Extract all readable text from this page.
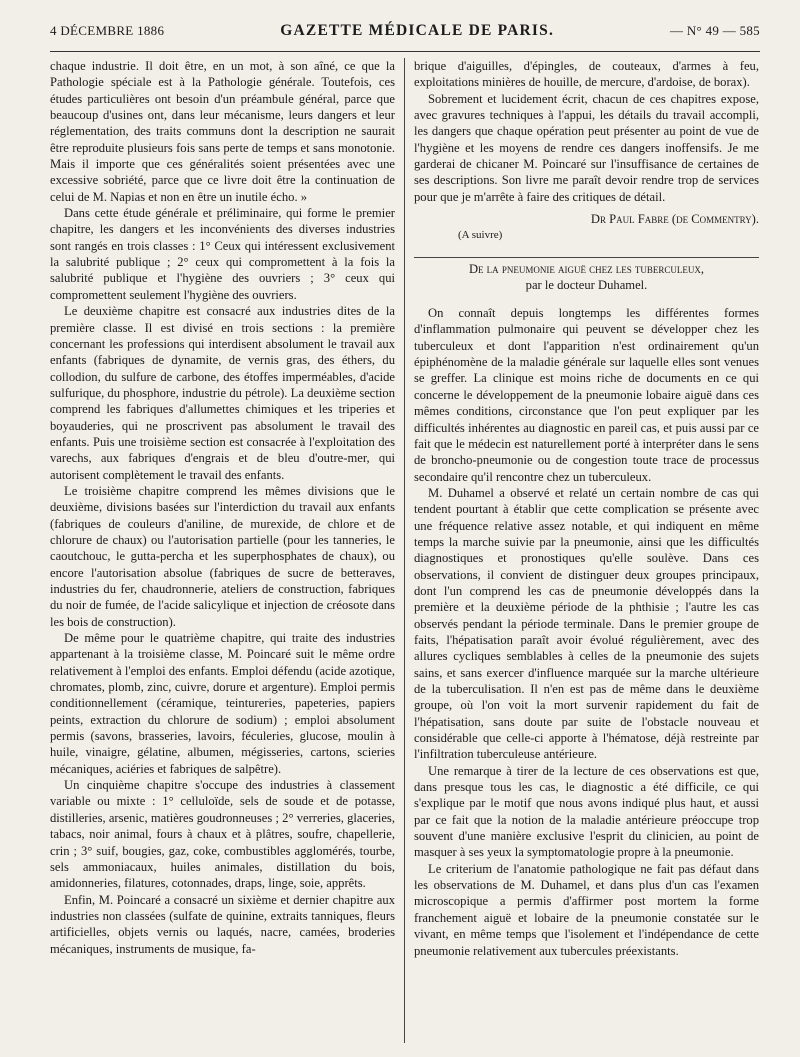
4 DÉCEMBRE 1886	GAZETTE MÉDICALE DE PARIS.	— N° 49 — 585

chaque industrie. Il doit être, en un mot, à son aîné, ce que la Pathologie spéciale est à la Pathologie générale. Toutefois, ces études particulières ont besoin d'un préambule général, parce que beaucoup d'usines ont, dans leur mécanisme, leurs dangers et leur réglementation, des traits communs dont la description ne saurait être reproduite plusieurs fois sans perte de temps et sans monotonie. Mais il importe que ces généralités soient présentées avec une excessive sobriété, parce que ce livre doit être la continuation de celui de M. Napias et non en être un inutile écho. »

Dans cette étude générale et préliminaire, qui forme le premier chapitre, les dangers et les inconvénients des diverses industries sont rangés en trois classes : 1° Ceux qui intéressent exclusivement la salubrité publique ; 2° ceux qui compromettent à la fois la salubrité publique et l'hygiène des ouvriers ; 3° ceux qui compromettent seulement l'hygiène des ouvriers.

Le deuxième chapitre est consacré aux industries dites de la première classe. Il est divisé en trois sections : la première concernant les professions qui interdisent absolument le travail aux enfants (fabriques de dynamite, de vernis gras, des éthers, du collodion, du sulfure de carbone, des étoffes imperméables, d'acide sulfurique, du phosphore, industrie du pétrole). La deuxième section comprend les fabriques d'allumettes chimiques et les triperies et boyauderies, qui ne proscrivent pas absolument le travail des enfants. Puis une troisième section est consacrée à l'exploitation des varechs, aux fabriques d'engrais et de bleu d'outre-mer, qui autorisent complètement le travail des enfants.

Le troisième chapitre comprend les mêmes divisions que le deuxième, divisions basées sur l'interdiction du travail aux enfants (fabriques de couleurs d'aniline, de murexide, de chlore et de chlorure de chaux) ou l'autorisation partielle (pour les tanneries, le caoutchouc, le gutta-percha et les superphosphates de chaux), ou encore l'autorisation absolue (fabriques de sucre de betteraves, industries du fer, chaudronnerie, ateliers de construction, fabriques du noir de fumée, de l'acide salicylique et injection de créosote dans les bois de construction).

De même pour le quatrième chapitre, qui traite des industries appartenant à la troisième classe, M. Poincaré suit le même ordre relativement à l'emploi des enfants. Emploi défendu (acide azotique, chromates, plomb, zinc, cuivre, dorure et argenture). Emploi permis conditionnellement (céramique, teintureries, papeteries, papiers peints, extraction du chlorure de sodium) ; emploi absolument permis (savons, brasseries, lavoirs, féculeries, glucose, moulin à huile, vinaigre, gélatine, albumen, mégisseries, cartons, scieries mécaniques, aciéries et fabriques de salpêtre).

Un cinquième chapitre s'occupe des industries à classement variable ou mixte : 1° celluloïde, sels de soude et de potasse, distilleries, arsenic, matières goudronneuses ; 2° verreries, glaceries, tabacs, noir animal, fours à chaux et à plâtres, soufre, chapellerie, crin ; 3° suif, bougies, gaz, coke, combustibles agglomérés, tourbe, sels ammoniacaux, huiles animales, distillation du bois, amidonneries, filatures, cotonnades, draps, linge, soie, apprêts.

Enfin, M. Poincaré a consacré un sixième et dernier chapitre aux industries non classées (sulfate de quinine, extraits tanniques, fleurs artificielles, objets vernis ou laqués, nacre, camées, broderies mécaniques, instruments de musique, fa-

brique d'aiguilles, d'épingles, de couteaux, d'armes à feu, exploitations minières de houille, de mercure, d'ardoise, de borax).

Sobrement et lucidement écrit, chacun de ces chapitres expose, avec gravures techniques à l'appui, les détails du travail accompli, les dangers que chaque opération peut présenter au point de vue de l'hygiène et les moyens de rendre ces dangers inoffensifs. Je me garderai de chicaner M. Poincaré sur l'insuffisance de certaines de ses descriptions. Son livre me paraît devoir rendre trop de services pour que je m'arrête à faire des critiques de détail.

(A suivre)
Dr Paul Fabre (de Commentry).
De la pneumonie aiguë chez les tuberculeux,
par le docteur Duhamel.

On connaît depuis longtemps les différentes formes d'inflammation pulmonaire qui peuvent se développer chez les tuberculeux et dont l'apparition n'est ordinairement qu'un épiphénomène de la maladie générale sur laquelle elles sont venues se greffer. La clinique est moins riche de documents en ce qui concerne le développement de la pneumonie lobaire aiguë dans ces mêmes conditions, circonstance que l'on peut expliquer par les difficultés inhérentes au diagnostic en pareil cas, et puis aussi par ce fait que le médecin est naturellement porté à interpréter dans le sens de broncho-pneumonie ou de congestion toute trace de processus secondaire qu'il rencontre chez un tuberculeux.

M. Duhamel a observé et relaté un certain nombre de cas qui tendent pourtant à établir que cette complication se présente avec une fréquence relative assez notable, et qui indiquent en même temps la marche suivie par la pneumonie, ainsi que les difficultés diagnostiques et pronostiques qu'elle soulève. Dans ces observations, il convient de distinguer deux groupes principaux, dont l'un comprend les cas de pneumonie développés dans la première et la deuxième période de la phthisie ; l'autre les cas observés pendant la période terminale. Dans le premier groupe de faits, l'hépatisation paraît avoir évolué régulièrement, avec des allures cycliques semblables à celles de la pneumonie des sujets sains, et sans exercer d'influence marquée sur la marche ultérieure de la tuberculisation. Il n'en est pas de même dans le deuxième groupe, où l'on voit la mort survenir rapidement du fait de l'hépatisation, sans doute par suite de l'obstacle nouveau et considérable que celle-ci apporte à l'hématose, déjà restreinte par l'infiltration tuberculeuse antérieure.

Une remarque à tirer de la lecture de ces observations est que, dans presque tous les cas, le diagnostic a été difficile, ce qui s'explique par le motif que nous avons indiqué plus haut, et aussi par ce fait que la notion de la maladie antérieure préoccupe trop souvent d'une manière exclusive l'esprit du clinicien, au point de masquer à ses yeux la symptomatologie propre à la pneumonie.

Le criterium de l'anatomie pathologique ne fait pas défaut dans les observations de M. Duhamel, et dans plus d'un cas l'examen microscopique a permis d'affirmer post mortem la forme franchement aiguë et lobaire de la pneumonie constatée sur le vivant, en même temps que l'isolement et l'indépendance de cette pneumonie relativement aux tubercules préexistants.
